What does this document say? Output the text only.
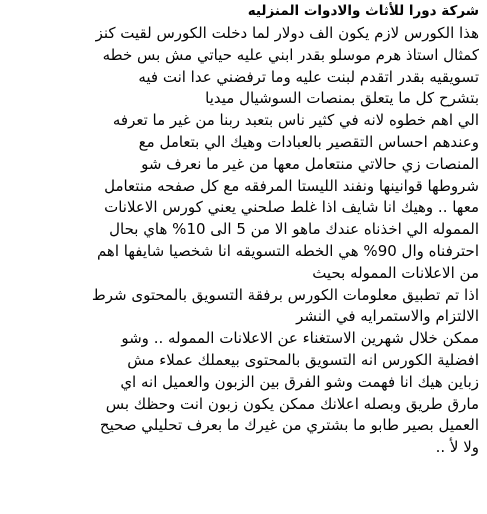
شركة دورا للأثاث والادوات المنزليه
هذا الكورس لازم يكون الف دولار لما دخلت الكورس لقيت كنز
كمثال استاذ هرم موسلو بقدر ابني عليه حياتي مش بس خطه
تسويقيه بقدر اتقدم لبنت عليه وما ترفضني عدا انت فيه
بتشرح كل ما يتعلق بمنصات السوشيال ميديا
الي اهم خطوه لانه في كثير ناس بتعبد ربنا من غير ما تعرفه
وعندهم احساس التقصير بالعبادات وهيك الي بتعامل مع
المنصات زي حالاتي منتعامل معها من غير ما نعرف شو
شروطها قوانينها ونفند الليستا المرفقه مع كل صفحه منتعامل
معها .. وهيك انا شايف اذا غلط صلحني يعني كورس الاعلانات
المموله الي اخذناه عندك ماهو الا من 5 الى 10% هاي بحال
احترفناه وال 90% هي الخطه التسويقه انا شخصيا شايفها اهم
من الاعلانات المموله بحيث
اذا تم تطبيق معلومات الكورس برفقة التسويق بالمحتوى شرط
الالتزام والاستمرايه في النشر
ممكن خلال شهرين الاستغناء عن الاعلانات المموله .. وشو
افضلية الكورس انه التسويق بالمحتوى بيعملك عملاء مش
زباين هيك انا فهمت وشو الفرق بين الزبون والعميل انه اي
مارق طريق وبصله اعلانك ممكن يكون زبون انت وحظك بس
العميل بصير طابو ما بشتري من غيرك ما بعرف تحليلي صحيح
ولا لأ ..
